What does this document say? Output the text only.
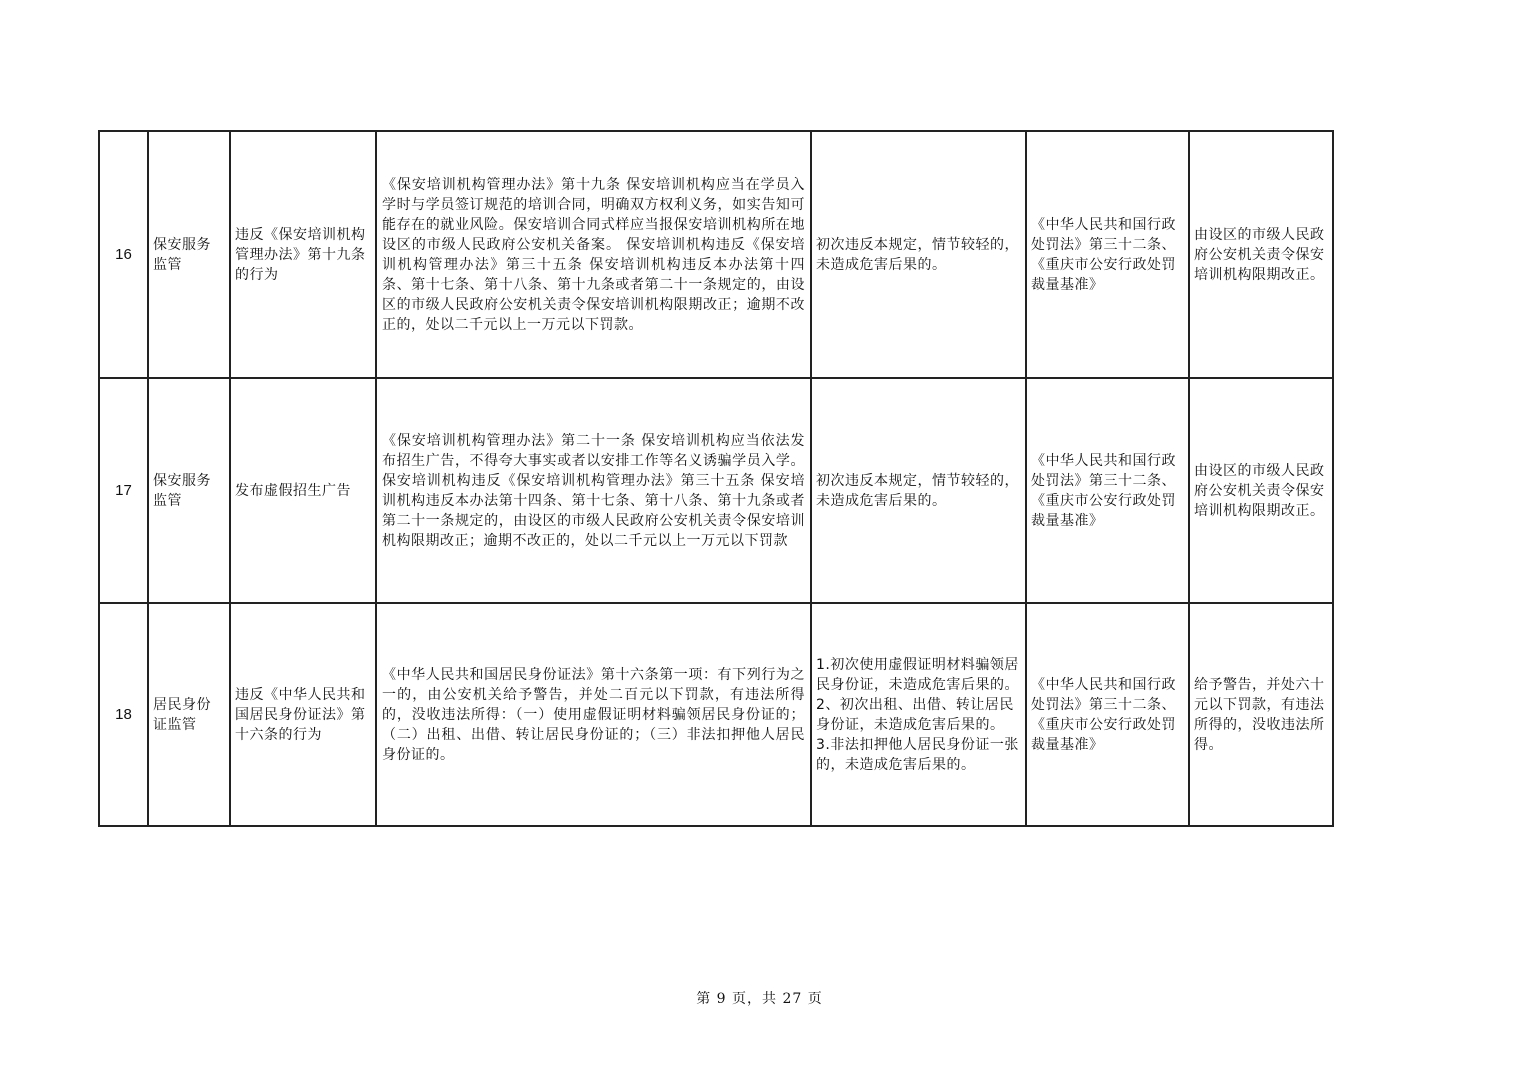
16	保安服务监管	违反《保安培训机构管理办法》第十九条的行为	《保安培训机构管理办法》第十九条 保安培训机构应当在学员入学时与学员签订规范的培训合同，明确双方权利义务，如实告知可能存在的就业风险。保安培训合同式样应当报保安培训机构所在地设区的市级人民政府公安机关备案。 保安培训机构违反《保安培训机构管理办法》第三十五条 保安培训机构违反本办法第十四条、第十七条、第十八条、第十九条或者第二十一条规定的，由设区的市级人民政府公安机关责令保安培训机构限期改正；逾期不改正的，处以二千元以上一万元以下罚款。	初次违反本规定，情节较轻的，未造成危害后果的。	《中华人民共和国行政处罚法》第三十二条、《重庆市公安行政处罚裁量基准》	由设区的市级人民政府公安机关责令保安培训机构限期改正。
17	保安服务监管	发布虚假招生广告	《保安培训机构管理办法》第二十一条 保安培训机构应当依法发布招生广告，不得夸大事实或者以安排工作等名义诱骗学员入学。 保安培训机构违反《保安培训机构管理办法》第三十五条 保安培训机构违反本办法第十四条、第十七条、第十八条、第十九条或者第二十一条规定的，由设区的市级人民政府公安机关责令保安培训机构限期改正；逾期不改正的，处以二千元以上一万元以下罚款	初次违反本规定，情节较轻的，未造成危害后果的。	《中华人民共和国行政处罚法》第三十二条、《重庆市公安行政处罚裁量基准》	由设区的市级人民政府公安机关责令保安培训机构限期改正。
18	居民身份证监管	违反《中华人民共和国居民身份证法》第十六条的行为	《中华人民共和国居民身份证法》第十六条第一项：有下列行为之一的，由公安机关给予警告，并处二百元以下罚款，有违法所得的，没收违法所得：（一）使用虚假证明材料骗领居民身份证的；（二）出租、出借、转让居民身份证的；（三）非法扣押他人居民身份证的。	1.初次使用虚假证明材料骗领居民身份证，未造成危害后果的。
2、初次出租、出借、转让居民身份证，未造成危害后果的。
3.非法扣押他人居民身份证一张的，未造成危害后果的。	《中华人民共和国行政处罚法》第三十二条、《重庆市公安行政处罚裁量基准》	给予警告，并处六十元以下罚款，有违法所得的，没收违法所得。
第 9 页，共 27 页
